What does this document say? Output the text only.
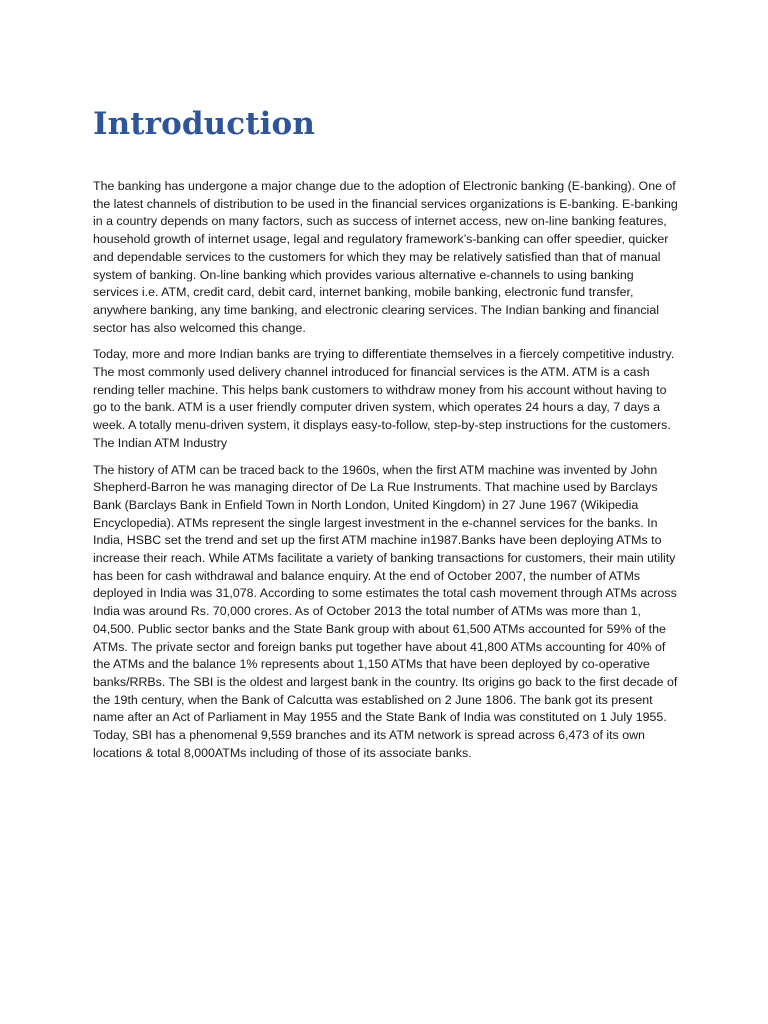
Introduction

The banking has undergone a major change due to the adoption of Electronic banking (E-banking). One of the latest channels of distribution to be used in the financial services organizations is E-banking. E-banking in a country depends on many factors, such as success of internet access, new on-line banking features, household growth of internet usage, legal and regulatory framework’s-banking can offer speedier, quicker and dependable services to the customers for which they may be relatively satisfied than that of manual system of banking. On-line banking which provides various alternative e-channels to using banking services i.e. ATM, credit card, debit card, internet banking, mobile banking, electronic fund transfer, anywhere banking, any time banking, and electronic clearing services. The Indian banking and financial sector has also welcomed this change.

Today, more and more Indian banks are trying to differentiate themselves in a fiercely competitive industry. The most commonly used delivery channel introduced for financial services is the ATM. ATM is a cash rending teller machine. This helps bank customers to withdraw money from his account without having to go to the bank. ATM is a user friendly computer driven system, which operates 24 hours a day, 7 days a week. A totally menu-driven system, it displays easy-to-follow, step-by-step instructions for the customers. The Indian ATM Industry

The history of ATM can be traced back to the 1960s, when the first ATM machine was invented by John Shepherd-Barron he was managing director of De La Rue Instruments. That machine used by Barclays Bank (Barclays Bank in Enfield Town in North London, United Kingdom) in 27 June 1967 (Wikipedia Encyclopedia). ATMs represent the single largest investment in the e-channel services for the banks. In India, HSBC set the trend and set up the first ATM machine in1987.Banks have been deploying ATMs to increase their reach. While ATMs facilitate a variety of banking transactions for customers, their main utility has been for cash withdrawal and balance enquiry. At the end of October 2007, the number of ATMs deployed in India was 31,078. According to some estimates the total cash movement through ATMs across India was around Rs. 70,000 crores. As of October 2013 the total number of ATMs was more than 1, 04,500. Public sector banks and the State Bank group with about 61,500 ATMs accounted for 59% of the ATMs. The private sector and foreign banks put together have about 41,800 ATMs accounting for 40% of the ATMs and the balance 1% represents about 1,150 ATMs that have been deployed by co-operative banks/RRBs. The SBI is the oldest and largest bank in the country. Its origins go back to the first decade of the 19th century, when the Bank of Calcutta was established on 2 June 1806. The bank got its present name after an Act of Parliament in May 1955 and the State Bank of India was constituted on 1 July 1955. Today, SBI has a phenomenal 9,559 branches and its ATM network is spread across 6,473 of its own locations & total 8,000ATMs including of those of its associate banks.
